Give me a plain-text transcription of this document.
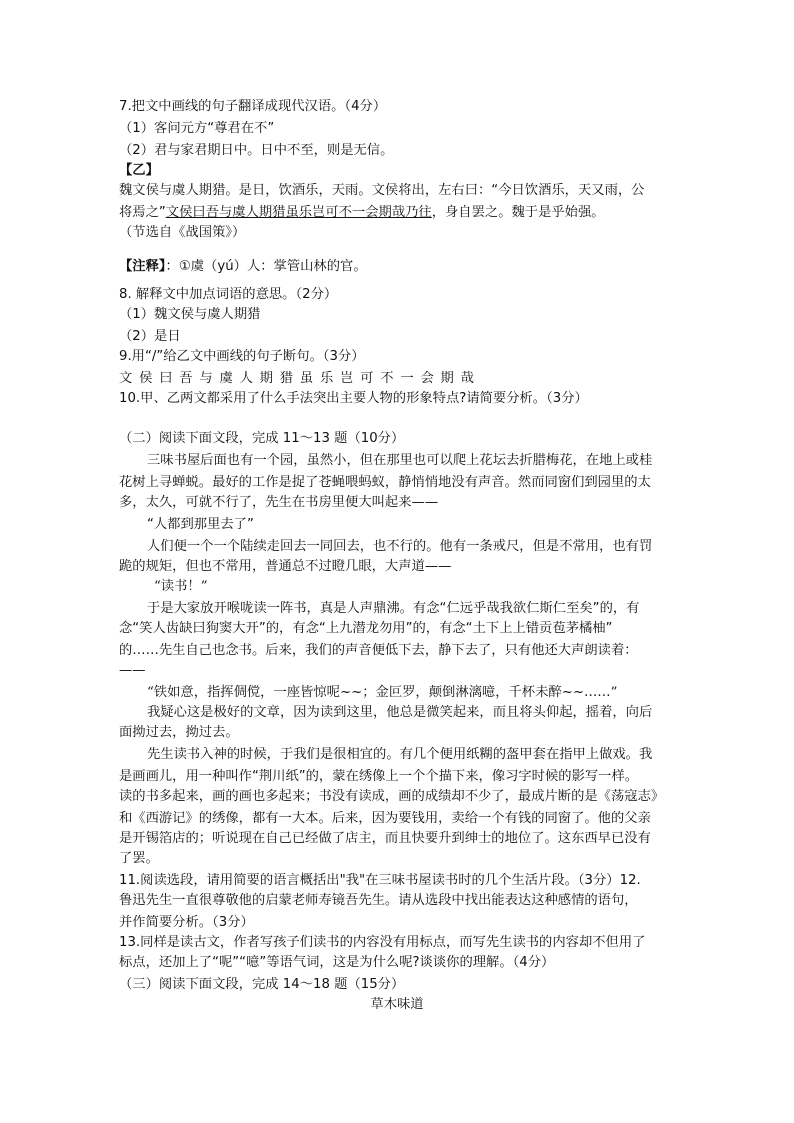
7.把文中画线的句子翻译成现代汉语。（4分）
（1）客问元方“尊君在不”
（2）君与家君期日中。日中不至，则是无信。
【乙】
魏文侯与虞人期猎。是日，饮酒乐，天雨。文侯将出，左右曰：“今日饮酒乐，天又雨，公
将焉之”文侯曰吾与虞人期猎虽乐岂可不一会期哉乃往，身自罢之。魏于是乎始强。
（节选自《战国策》）
【注释】：①虞（yú）人：掌管山林的官。
8. 解释文中加点词语的意思。（2分）
（1）魏文侯与虞人期猎
（2）是日
9.用“/”给乙文中画线的句子断句。（3分）
文侯曰吾与虞人期猎虽乐岂可不一会期哉
10.甲、乙两文都采用了什么手法突出主要人物的形象特点?请简要分析。（3分）
（二）阅读下面文段，完成 11～13 题（10分）
三味书屋后面也有一个园，虽然小，但在那里也可以爬上花坛去折腊梅花，在地上或桂
花树上寻蝉蜕。最好的工作是捉了苍蝇喂蚂蚁，静悄悄地没有声音。然而同窗们到园里的太
多，太久，可就不行了，先生在书房里便大叫起来——
“人都到那里去了”
人们便一个一个陆续走回去一同回去，也不行的。他有一条戒尺，但是不常用，也有罚
跪的规矩，但也不常用，普通总不过瞪几眼，大声道——
“读书！”
于是大家放开喉咙读一阵书，真是人声鼎沸。有念“仁远乎哉我欲仁斯仁至矣”的，有
念“笑人齿缺曰狗窦大开”的，有念“上九潜龙勿用”的，有念“土下上上错贡苞茅橘柚”
的……先生自己也念书。后来，我们的声音便低下去，静下去了，只有他还大声朗读着：
——
“铁如意，指挥倜傥，一座皆惊呢~~；金叵罗，颠倒淋漓噫，千杯未醉~~……”
我疑心这是极好的文章，因为读到这里，他总是微笑起来，而且将头仰起，摇着，向后
面拗过去，拗过去。
先生读书入神的时候，于我们是很相宜的。有几个便用纸糊的盔甲套在指甲上做戏。我
是画画儿，用一种叫作“荆川纸”的，蒙在绣像上一个个描下来，像习字时候的影写一样。
读的书多起来，画的画也多起来；书没有读成，画的成绩却不少了，最成片断的是《荡寇志》
和《西游记》的绣像，都有一大本。后来，因为要钱用，卖给一个有钱的同窗了。他的父亲
是开锡箔店的；听说现在自己已经做了店主，而且快要升到绅士的地位了。这东西早已没有
了罢。
11.阅读选段，请用简要的语言概括出"我"在三味书屋读书时的几个生活片段。（3分）12.
鲁迅先生一直很尊敬他的启蒙老师寿镜吾先生。请从选段中找出能表达这种感情的语句，
并作简要分析。（3分）
13.同样是读古文，作者写孩子们读书的内容没有用标点，而写先生读书的内容却不但用了
标点，还加上了“呢”“噫”等语气词，这是为什么呢?谈谈你的理解。（4分）
（三）阅读下面文段，完成 14～18 题（15分）
草木味道
